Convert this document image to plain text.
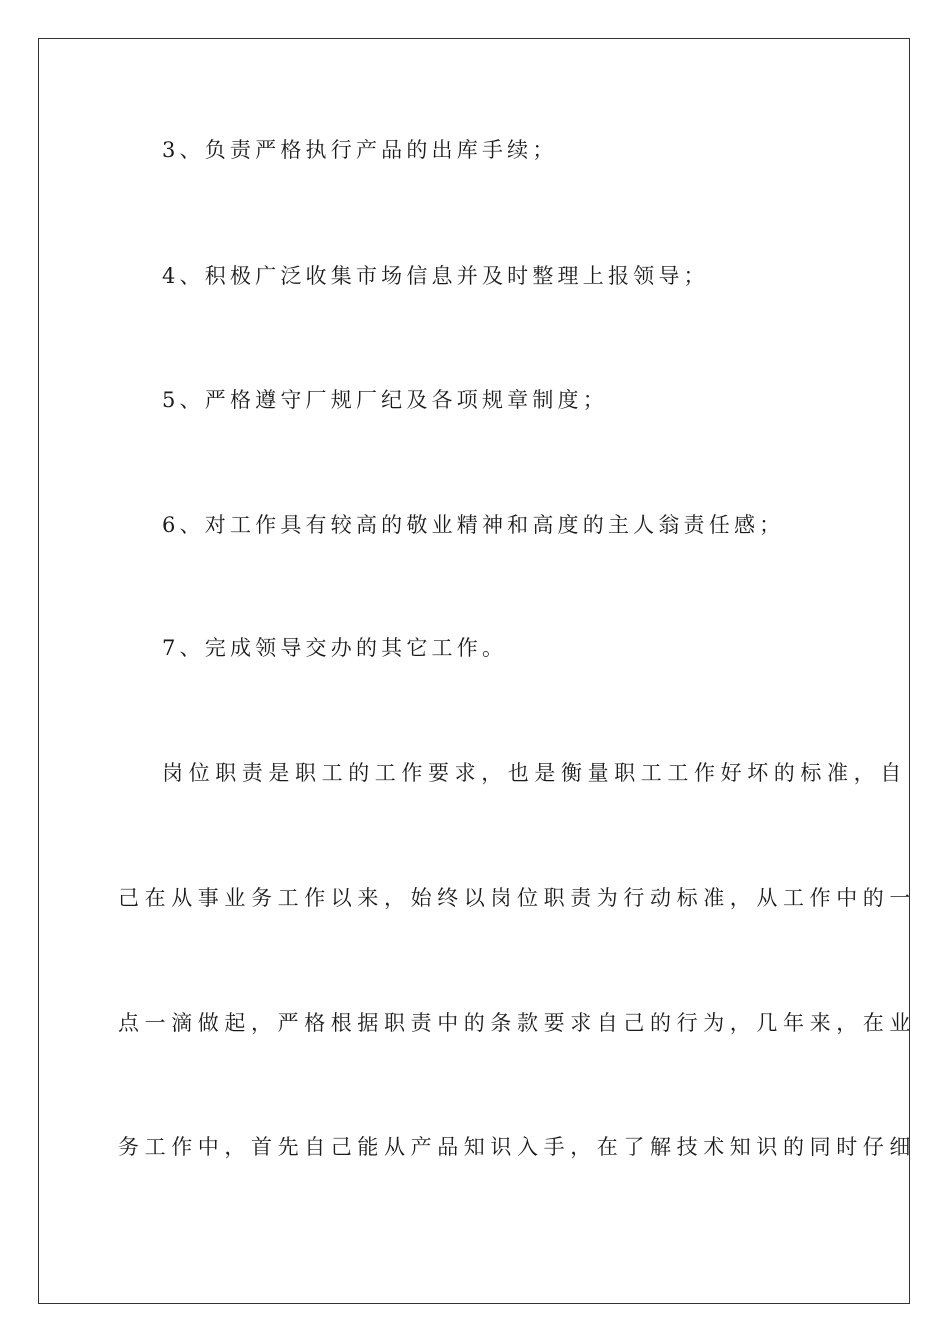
3、负责严格执行产品的出库手续；
4、积极广泛收集市场信息并及时整理上报领导；
5、严格遵守厂规厂纪及各项规章制度；
6、对工作具有较高的敬业精神和高度的主人翁责任感；
7、完成领导交办的其它工作。
岗位职责是职工的工作要求，也是衡量职工工作好坏的标准，自
己在从事业务工作以来，始终以岗位职责为行动标准，从工作中的一
点一滴做起，严格根据职责中的条款要求自己的行为，几年来，在业
务工作中，首先自己能从产品知识入手，在了解技术知识的同时仔细
